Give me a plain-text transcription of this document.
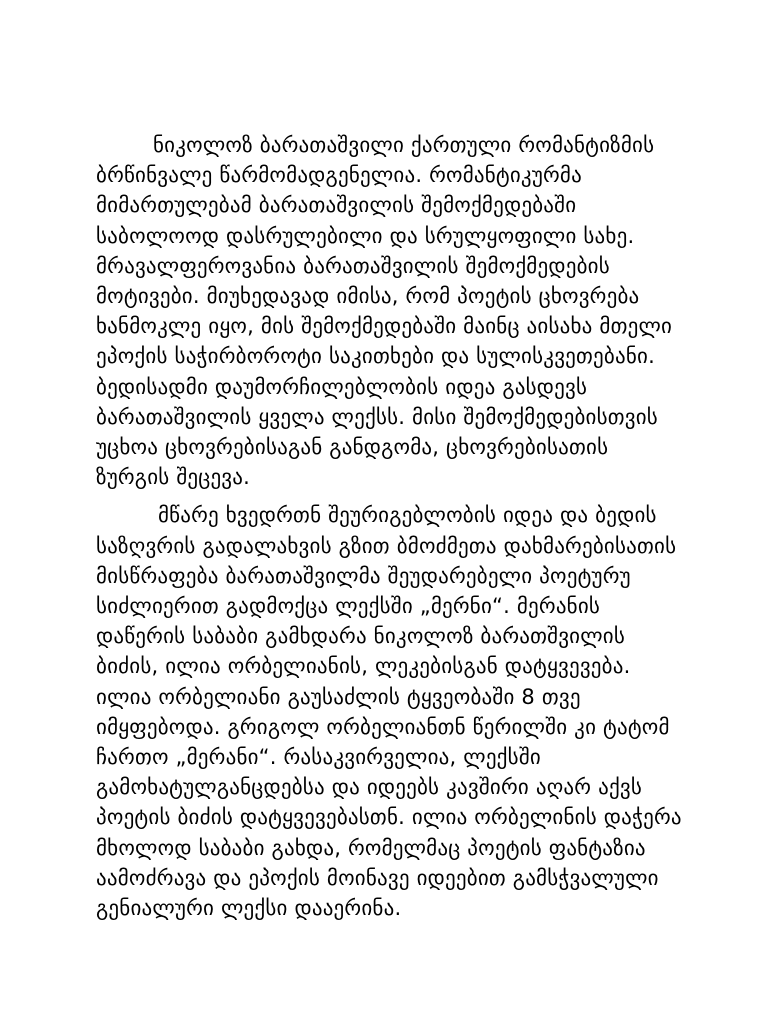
ნიკოლოზ ბარათაშვილი ქართული რომანტიზმის
ბრწინვალე წარმომადგენელია. რომანტიკურმა
მიმართულებამ ბარათაშვილის შემოქმედებაში
საბოლოოდ დასრულებილი და სრულყოფილი სახე.
მრავალფეროვანია ბარათაშვილის შემოქმედების
მოტივები. მიუხედავად იმისა, რომ პოეტის ცხოვრება
ხანმოკლე იყო, მის შემოქმედებაში მაინც აისახა მთელი
ეპოქის საჭირბოროტი საკითხები და სულისკვეთებანი.
ბედისადმი დაუმორჩილებლობის იდეა გასდევს
ბარათაშვილის ყველა ლექსს. მისი შემოქმედებისთვის
უცხოა ცხოვრებისაგან განდგომა, ცხოვრებისათის
ზურგის შეცევა.

მწარე ხვედრთნ შეურიგებლობის იდეა და ბედის
საზღვრის გადალახვის გზით ბმოძმეთა დახმარებისათის
მისწრაფება ბარათაშვილმა შეუდარებელი პოეტურუ
სიძლიერით გადმოქცა ლექსში „მერნი“. მერანის
დაწერის საბაბი გამხდარა ნიკოლოზ ბარათშვილის
ბიძის, ილია ორბელიანის, ლეკებისგან დატყვევება.
ილია ორბელიანი გაუსაძლის ტყვეობაში 8 თვე
იმყფებოდა. გრიგოლ ორბელიანთნ წერილში კი ტატომ
ჩართო „მერანი“. რასაკვირველია, ლექსში
გამოხატულგანცდებსა და იდეებს კავშირი აღარ აქვს
პოეტის ბიძის დატყვევებასთნ. ილია ორბელინის დაჭერა
მხოლოდ საბაბი გახდა, რომელმაც პოეტის ფანტაზია
აამოძრავა და ეპოქის მოინავე იდეებით გამსჭვალული
გენიალური ლექსი დააერინა.
